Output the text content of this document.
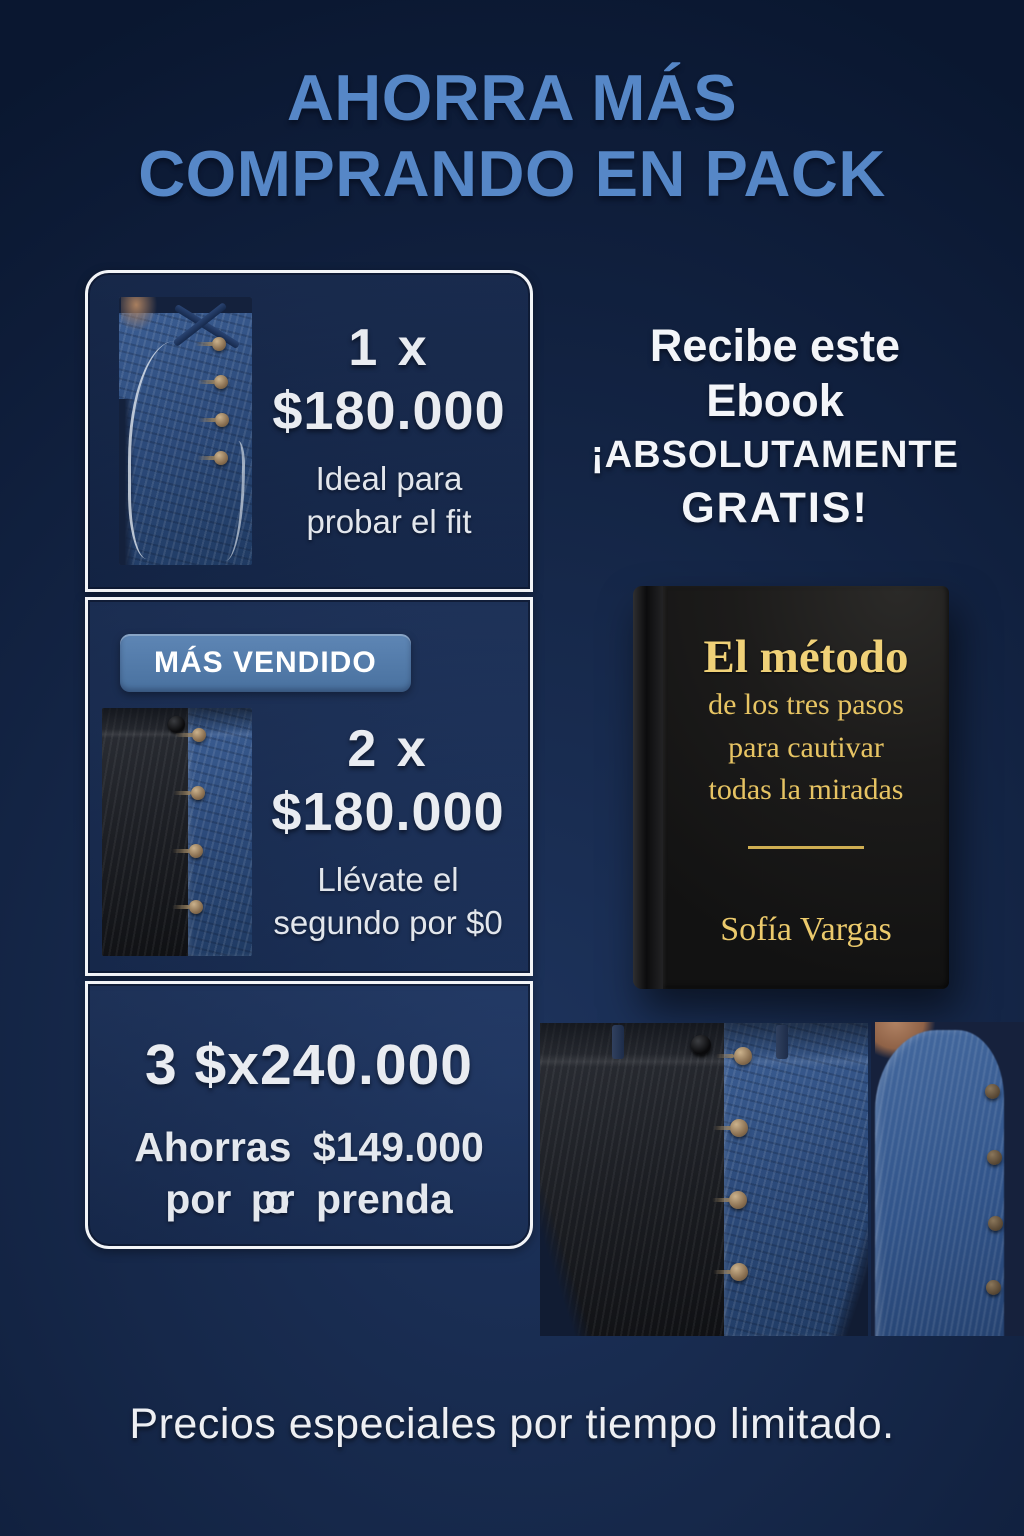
AHORRA MÁS
COMPRANDO EN PACK
1 x
$180.000
Ideal para
probar el fit
MÁS VENDIDO
2 x
$180.000
Llévate el
segundo por $0
3 $x240.000
Ahorras $149.000
por por prenda
Recibe este
Ebook
¡ABSOLUTAMENTE
GRATIS!
El método
de los tres pasos
para cautivar
todas la miradas
Sofía Vargas
Precios especiales por tiempo limitado.
